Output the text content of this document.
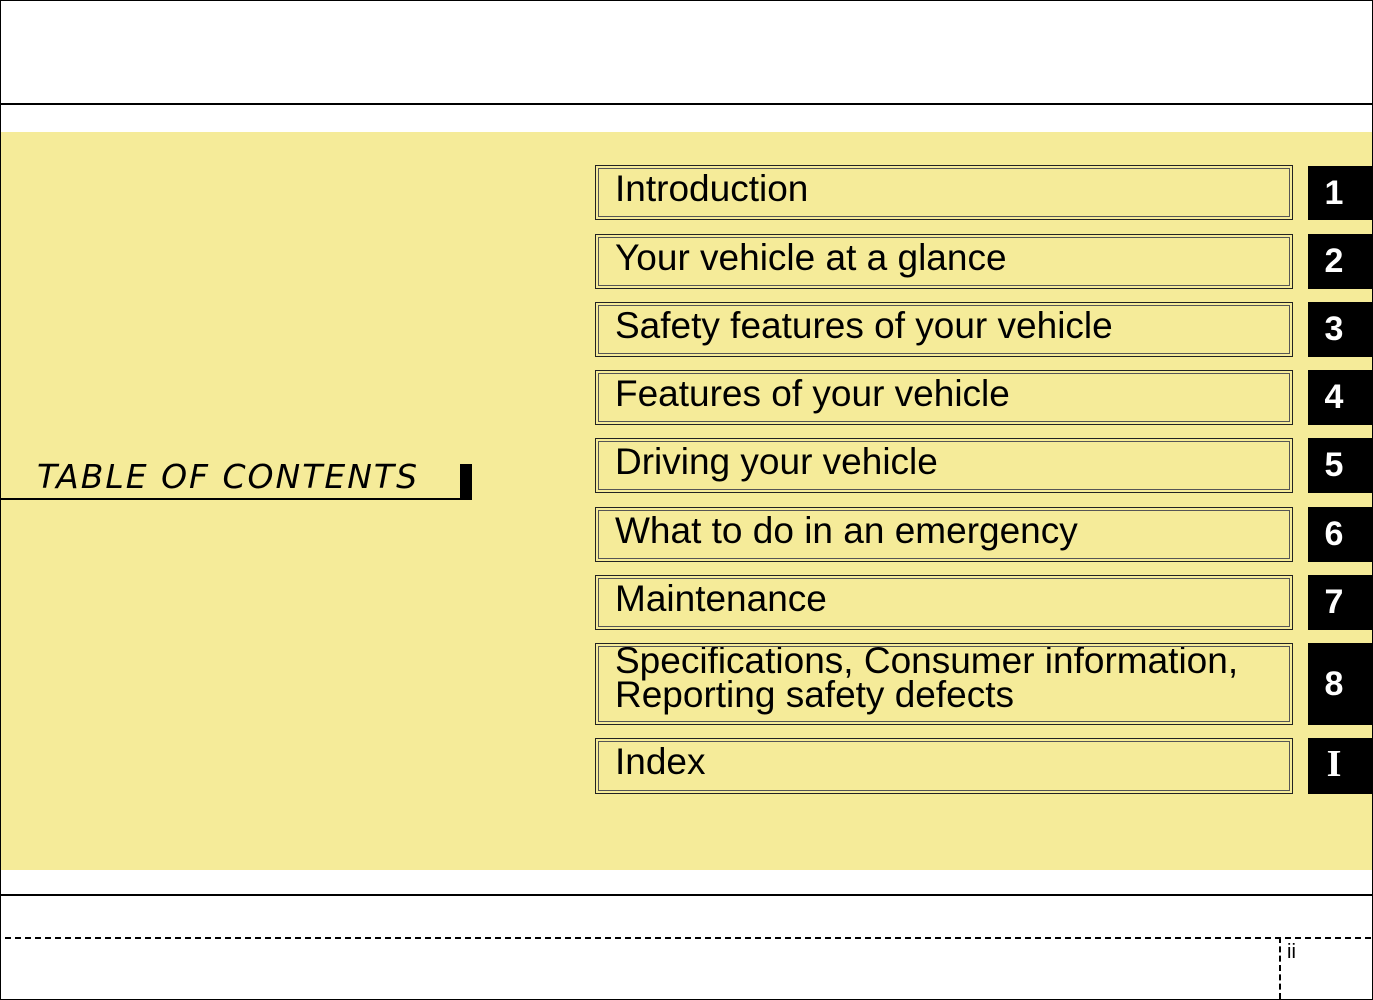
TABLE OF CONTENTS
Introduction	1
Your vehicle at a glance	2
Safety features of your vehicle	3
Features of your vehicle	4
Driving your vehicle	5
What to do in an emergency	6
Maintenance	7
Specifications, Consumer information,
Reporting safety defects	8
Index	I
ii
